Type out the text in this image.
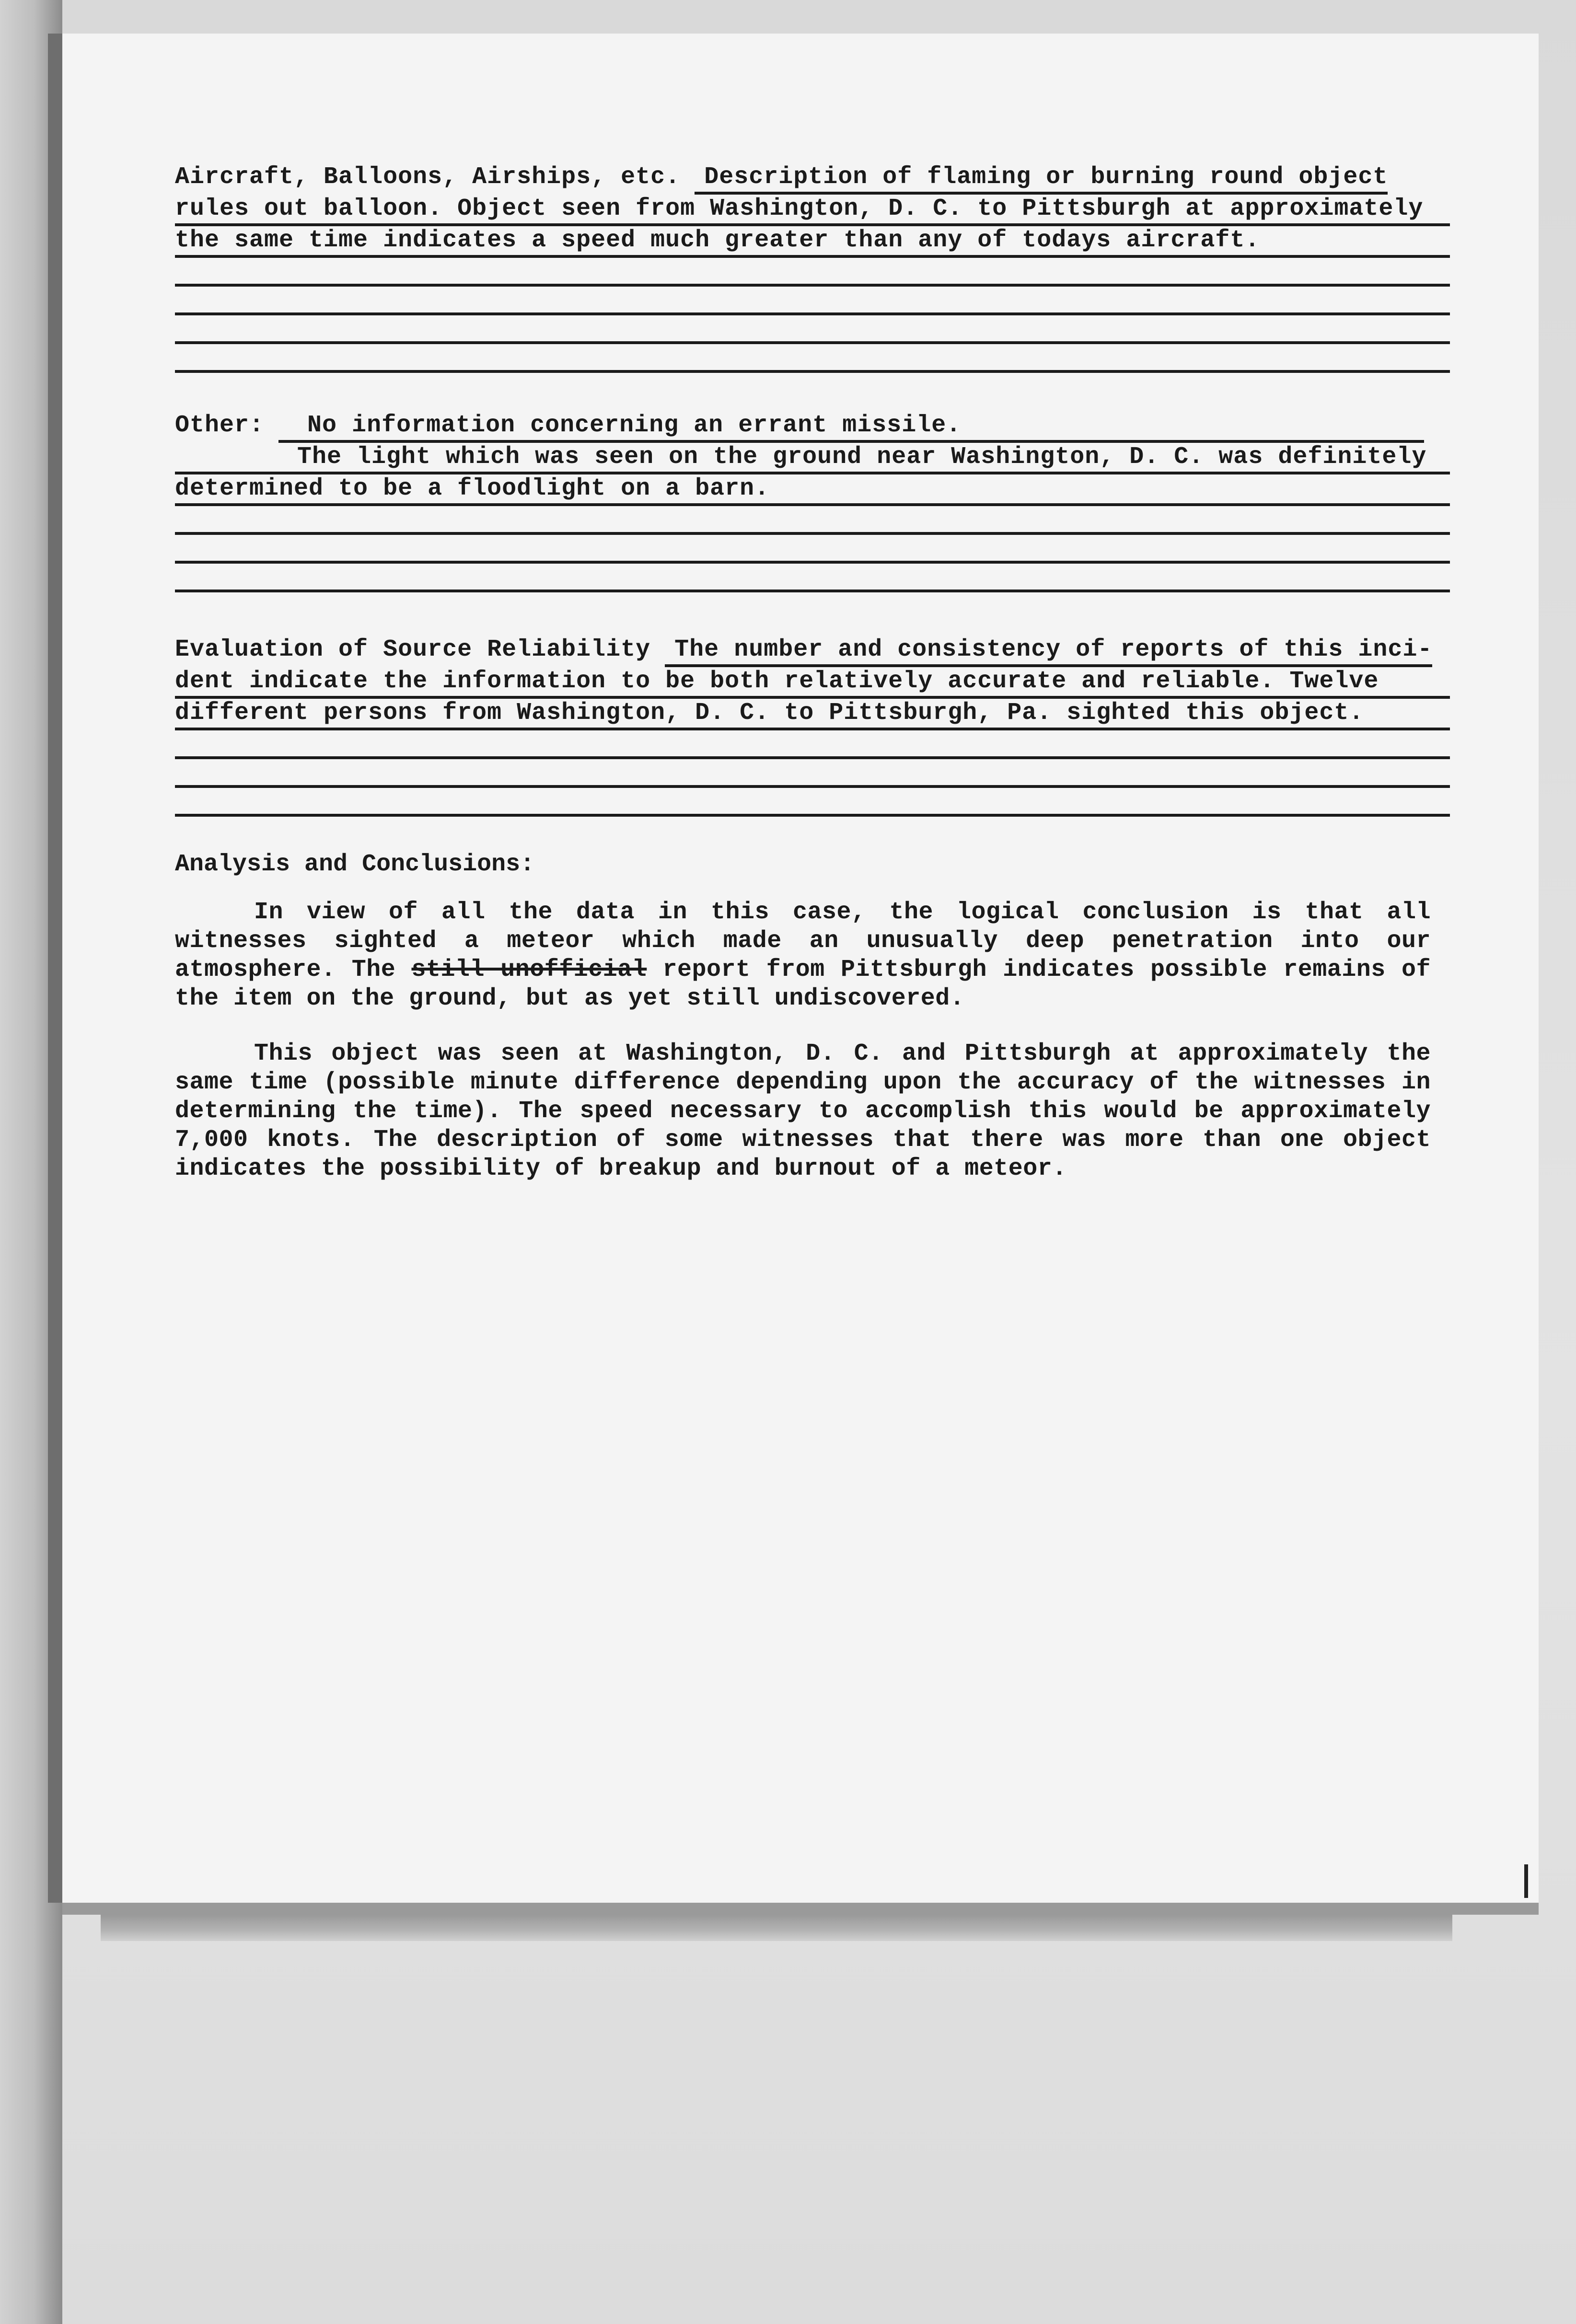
Aircraft, Balloons, Airships, etc. Description of flaming or burning round object
rules out balloon. Object seen from Washington, D. C. to Pittsburgh at approximately
the same time indicates a speed much greater than any of todays aircraft.
Other: No information concerning an errant missile.
The light which was seen on the ground near Washington, D. C. was definitely
determined to be a floodlight on a barn.
Evaluation of Source Reliability The number and consistency of reports of this inci-
dent indicate the information to be both relatively accurate and reliable. Twelve
different persons from Washington, D. C. to Pittsburgh, Pa. sighted this object.
Analysis and Conclusions:

In view of all the data in this case, the logical conclusion is that all witnesses sighted a meteor which made an unusually deep penetration into our atmosphere. The still unofficial report from Pittsburgh indicates possible remains of the item on the ground, but as yet still undiscovered.

This object was seen at Washington, D. C. and Pittsburgh at approximately the same time (possible minute difference depending upon the accuracy of the witnesses in determining the time). The speed necessary to accomplish this would be approximately 7,000 knots. The description of some witnesses that there was more than one object indicates the possibility of breakup and burnout of a meteor.
